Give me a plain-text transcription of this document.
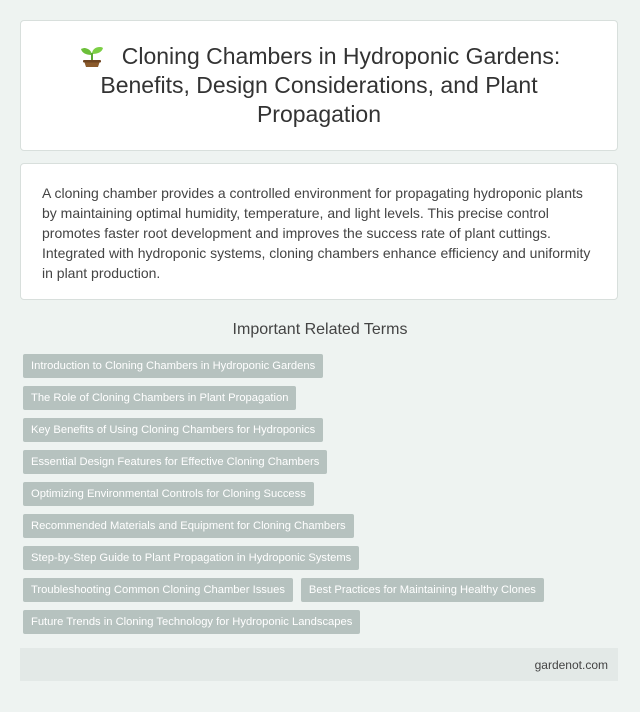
Cloning Chambers in Hydroponic Gardens: Benefits, Design Considerations, and Plant Propagation

A cloning chamber provides a controlled environment for propagating hydroponic plants by maintaining optimal humidity, temperature, and light levels. This precise control promotes faster root development and improves the success rate of plant cuttings. Integrated with hydroponic systems, cloning chambers enhance efficiency and uniformity in plant production.

Important Related Terms
Introduction to Cloning Chambers in Hydroponic Gardens
The Role of Cloning Chambers in Plant Propagation
Key Benefits of Using Cloning Chambers for Hydroponics
Essential Design Features for Effective Cloning Chambers
Optimizing Environmental Controls for Cloning Success
Recommended Materials and Equipment for Cloning Chambers
Step-by-Step Guide to Plant Propagation in Hydroponic Systems
Troubleshooting Common Cloning Chamber Issues Best Practices for Maintaining Healthy Clones
Future Trends in Cloning Technology for Hydroponic Landscapes
gardenot.com
